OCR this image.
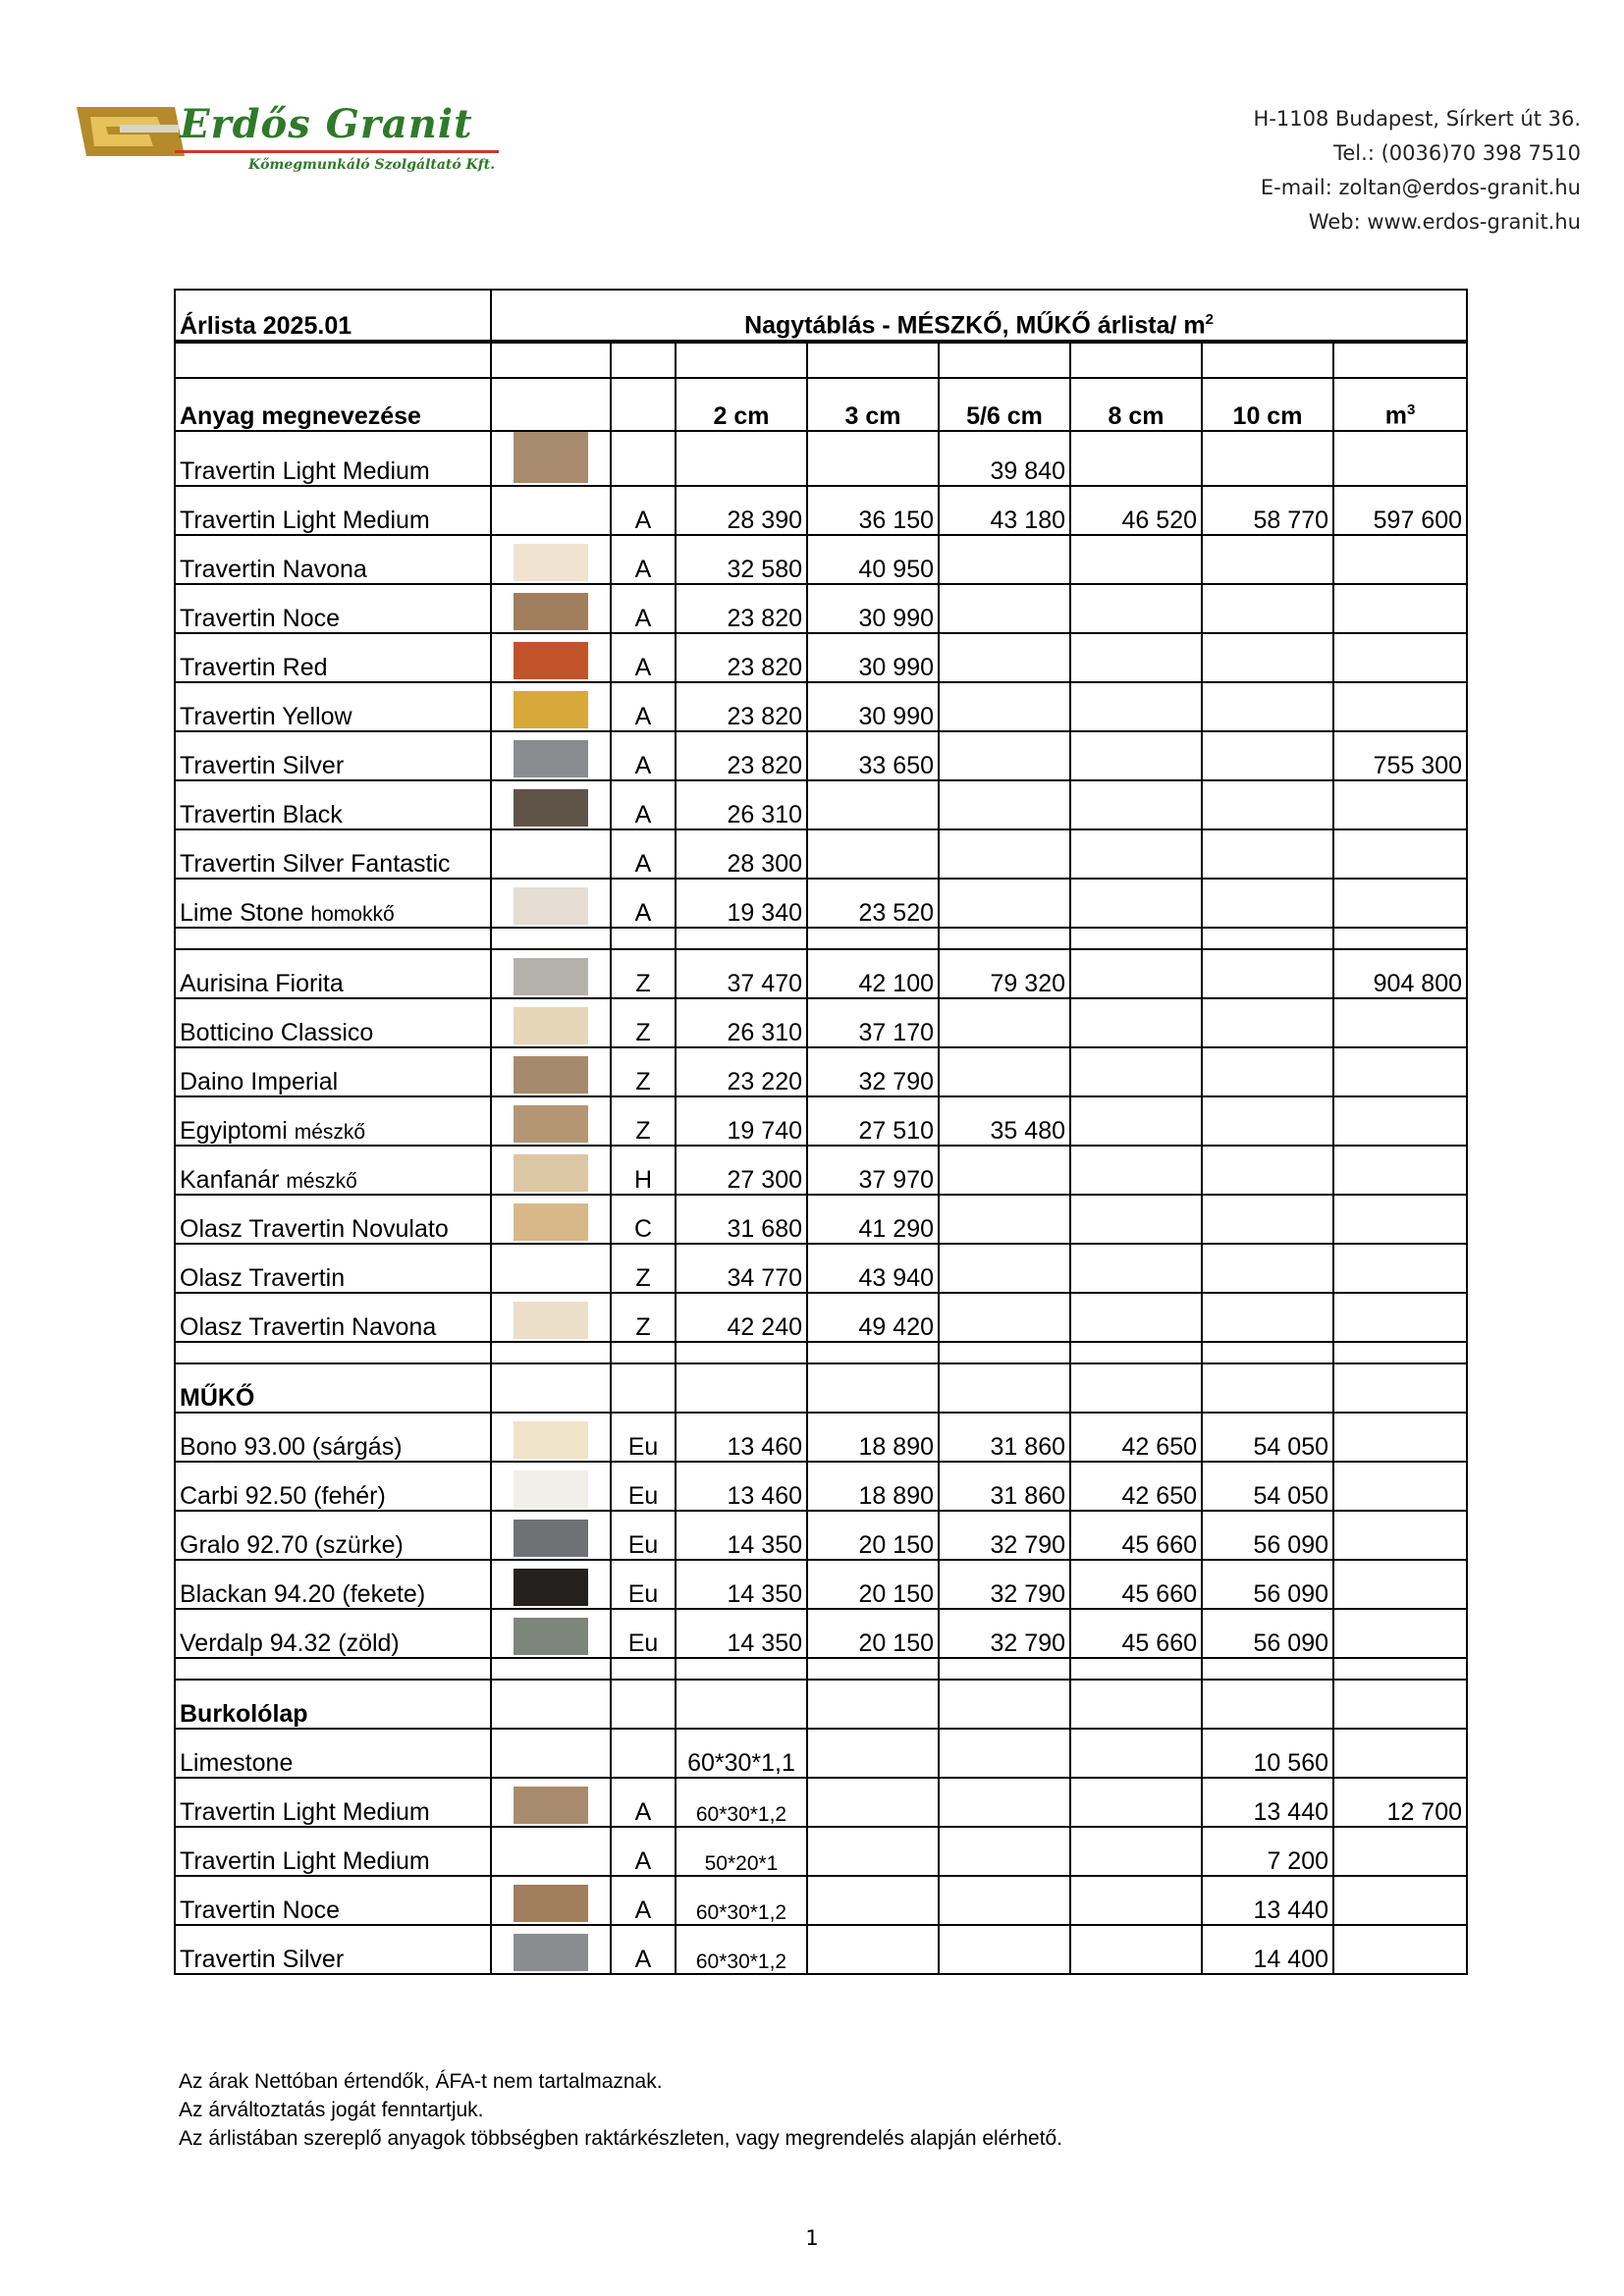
Erdős Granit
Kőmegmunkáló Szolgáltató Kft.
H-1108 Budapest, Sírkert út 36.
Tel.: (0036)70 398 7510
E-mail: zoltan@erdos-granit.hu
Web: www.erdos-granit.hu
Árlista 2025.01	Nagytáblás - MÉSZKŐ, MŰKŐ árlista/ $m^2$

Anyag megnevezése			2 cm	3 cm	5/6 cm	8 cm	10 cm	$m^3$
Travertin Light Medium					39 840			
Travertin Light Medium		A	28 390	36 150	43 180	46 520	58 770	597 600
Travertin Navona		A	32 580	40 950				
Travertin Noce		A	23 820	30 990				
Travertin Red		A	23 820	30 990				
Travertin Yellow		A	23 820	30 990				
Travertin Silver		A	23 820	33 650				755 300
Travertin Black		A	26 310					
Travertin Silver Fantastic		A	28 300					
Lime Stone homokkő		A	19 340	23 520				

Aurisina Fiorita		Z	37 470	42 100	79 320			904 800
Botticino Classico		Z	26 310	37 170				
Daino Imperial		Z	23 220	32 790				
Egyiptomi mészkő		Z	19 740	27 510	35 480			
Kanfanár mészkő		H	27 300	37 970				
Olasz Travertin Novulato		C	31 680	41 290				
Olasz Travertin		Z	34 770	43 940				
Olasz Travertin Navona		Z	42 240	49 420				

MŰKŐ								
Bono 93.00 (sárgás)		Eu	13 460	18 890	31 860	42 650	54 050	
Carbi 92.50 (fehér)		Eu	13 460	18 890	31 860	42 650	54 050	
Gralo 92.70 (szürke)		Eu	14 350	20 150	32 790	45 660	56 090	
Blackan 94.20 (fekete)		Eu	14 350	20 150	32 790	45 660	56 090	
Verdalp 94.32 (zöld)		Eu	14 350	20 150	32 790	45 660	56 090	

Burkolólap								
Limestone			60*30*1,1				10 560	
Travertin Light Medium		A	60*30*1,2				13 440	12 700
Travertin Light Medium		A	50*20*1				7 200	
Travertin Noce		A	60*30*1,2				13 440	
Travertin Silver		A	60*30*1,2				14 400	
Az árak Nettóban értendők, ÁFA-t nem tartalmaznak.
Az árváltoztatás jogát fenntartjuk.
Az árlistában szereplő anyagok többségben raktárkészleten, vagy megrendelés alapján elérhető.
1
